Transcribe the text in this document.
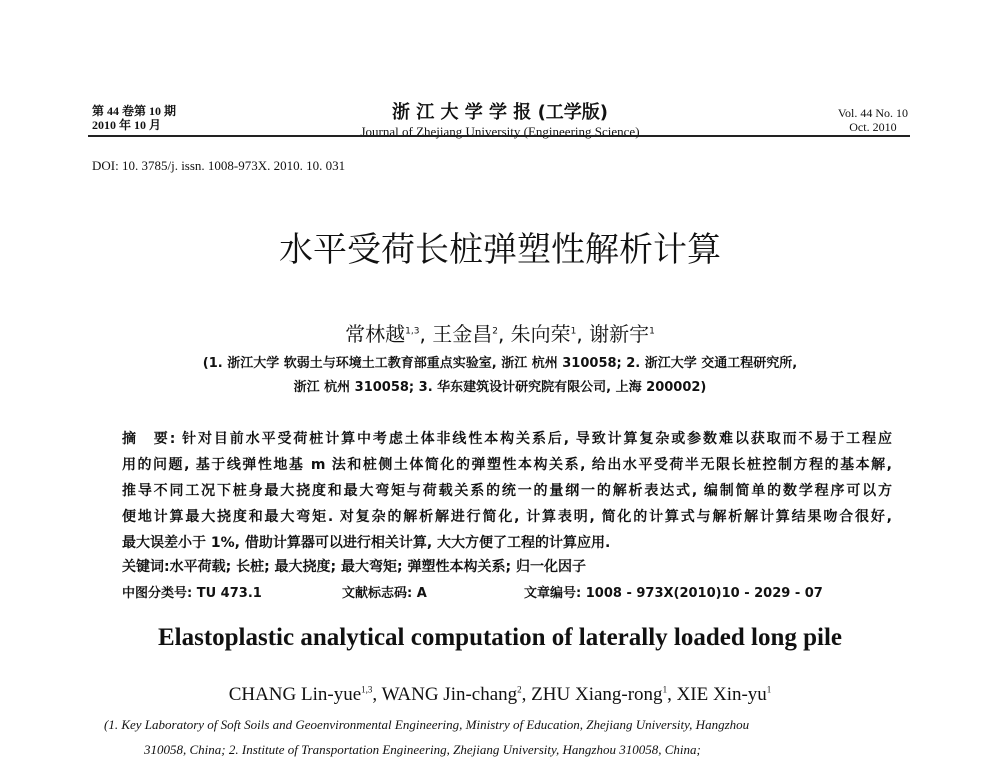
第 44 卷第 10 期
2010 年 10 月
浙 江 大 学 学 报 (工学版)
Journal of Zhejiang University (Engineering Science)
Vol. 44 No. 10
Oct. 2010
DOI: 10. 3785/j. issn. 1008-973X. 2010. 10. 031
水平受荷长桩弹塑性解析计算
常林越$^{1,3}$, 王金昌$^2$, 朱向荣$^1$, 谢新宇$^1$
(1. 浙江大学 软弱土与环境土工教育部重点实验室, 浙江 杭州 310058; 2. 浙江大学 交通工程研究所,
浙江 杭州 310058; 3. 华东建筑设计研究院有限公司, 上海 200002)
摘　要: 针对目前水平受荷桩计算中考虑土体非线性本构关系后, 导致计算复杂或参数难以获取而不易于工程应
用的问题, 基于线弹性地基 m 法和桩侧土体简化的弹塑性本构关系, 给出水平受荷半无限长桩控制方程的基本解,
推导不同工况下桩身最大挠度和最大弯矩与荷载关系的统一的量纲一的解析表达式, 编制简单的数学程序可以方
便地计算最大挠度和最大弯矩. 对复杂的解析解进行简化, 计算表明, 简化的计算式与解析解计算结果吻合很好,
最大误差小于 1%, 借助计算器可以进行相关计算, 大大方便了工程的计算应用.
关键词:水平荷载; 长桩; 最大挠度; 最大弯矩; 弹塑性本构关系; 归一化因子
中图分类号: TU 473.1	文献标志码: A	文章编号: 1008 - 973X(2010)10 - 2029 - 07
Elastoplastic analytical computation of laterally loaded long pile
CHANG Lin-yue$^{1,3}$, WANG Jin-chang$^2$, ZHU Xiang-rong$^1$, XIE Xin-$yu^1$
(1. Key Laboratory of Soft Soils and Geoenvironmental Engineering, Ministry of Education, Zhejiang University, Hangzhou
310058, China; 2. Institute of Transportation Engineering, Zhejiang University, Hangzhou 310058, China;
